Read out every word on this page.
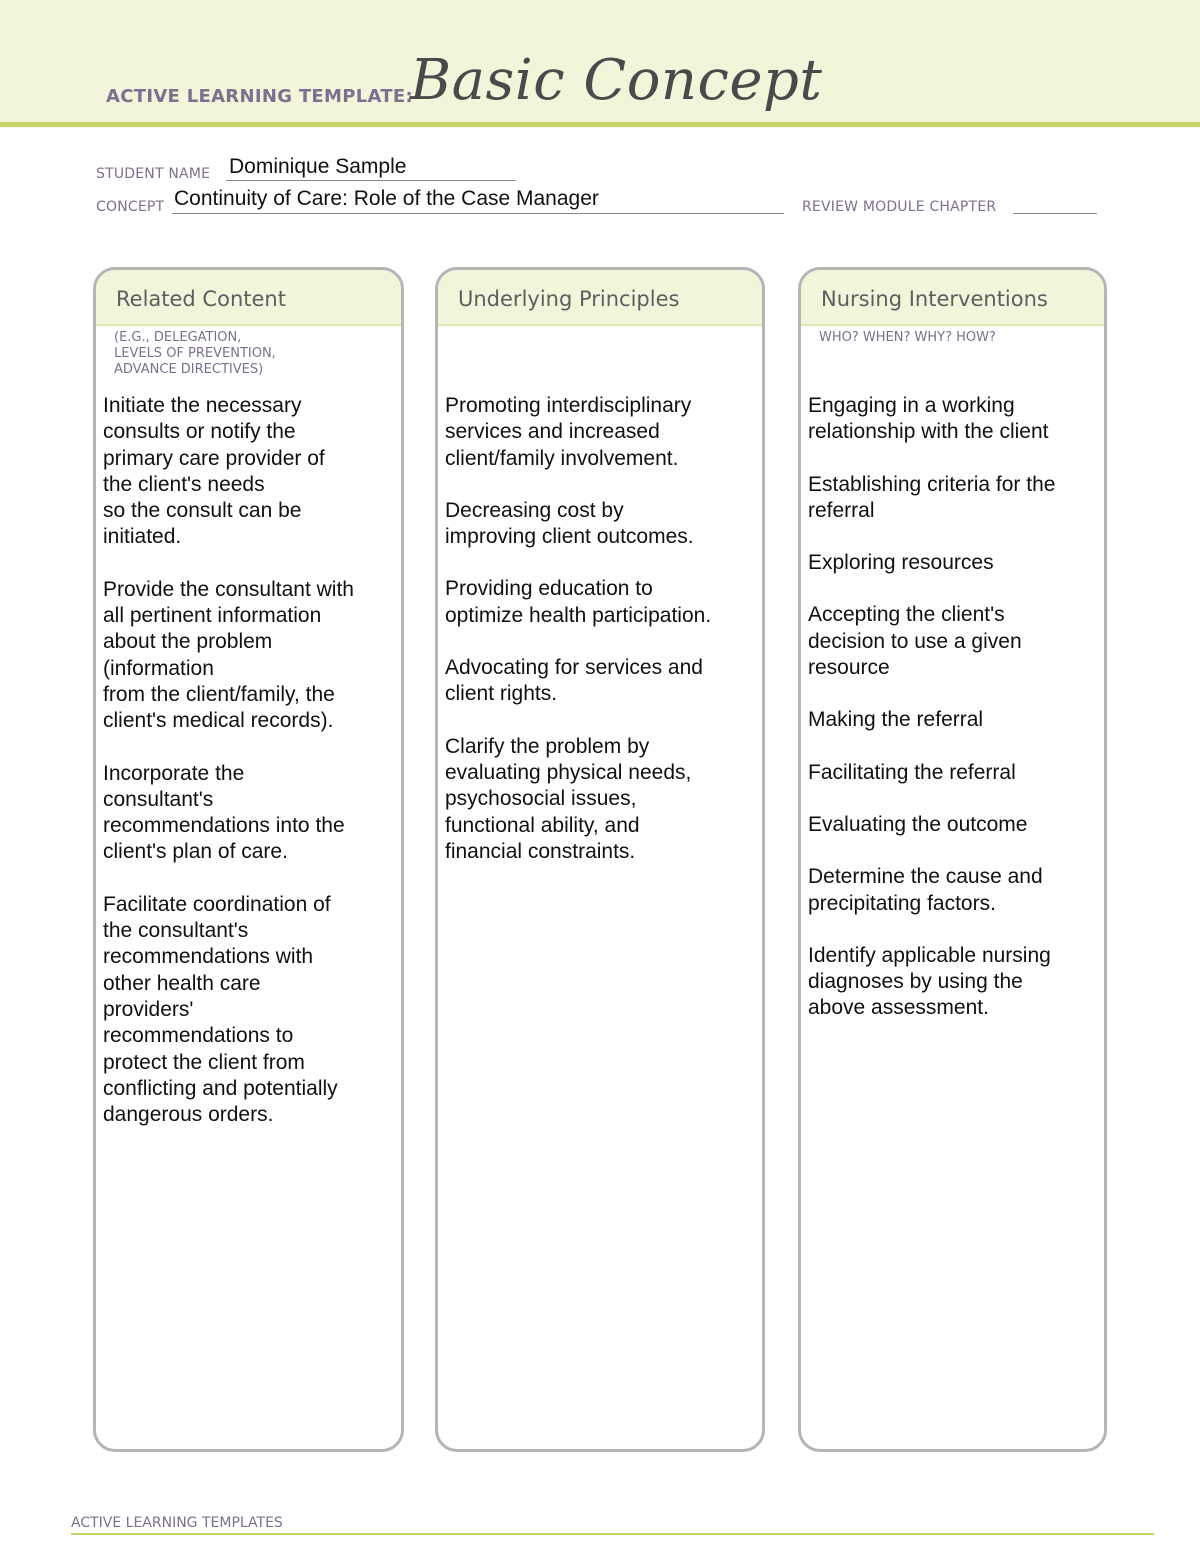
ACTIVE LEARNING TEMPLATE:
Basic Concept
STUDENT NAME Dominique Sample
CONCEPT Continuity of Care: Role of the Case Manager	REVIEW MODULE CHAPTER
Related Content
(E.G., DELEGATION,
LEVELS OF PREVENTION,
ADVANCE DIRECTIVES)

Initiate the necessary
consults or notify the
primary care provider of
the client's needs
so the consult can be
initiated.

Provide the consultant with
all pertinent information
about the problem
(information
from the client/family, the
client's medical records).

Incorporate the
consultant's
recommendations into the
client's plan of care.

Facilitate coordination of
the consultant's
recommendations with
other health care
providers'
recommendations to
protect the client from
conflicting and potentially
dangerous orders.

Underlying Principles

Promoting interdisciplinary
services and increased
client/family involvement.

Decreasing cost by
improving client outcomes.

Providing education to
optimize health participation.

Advocating for services and
client rights.

Clarify the problem by
evaluating physical needs,
psychosocial issues,
functional ability, and
financial constraints.

Nursing Interventions
WHO? WHEN? WHY? HOW?

Engaging in a working
relationship with the client

Establishing criteria for the
referral

Exploring resources

Accepting the client's
decision to use a given
resource

Making the referral

Facilitating the referral

Evaluating the outcome

Determine the cause and
precipitating factors.

Identify applicable nursing
diagnoses by using the
above assessment.

ACTIVE LEARNING TEMPLATES
